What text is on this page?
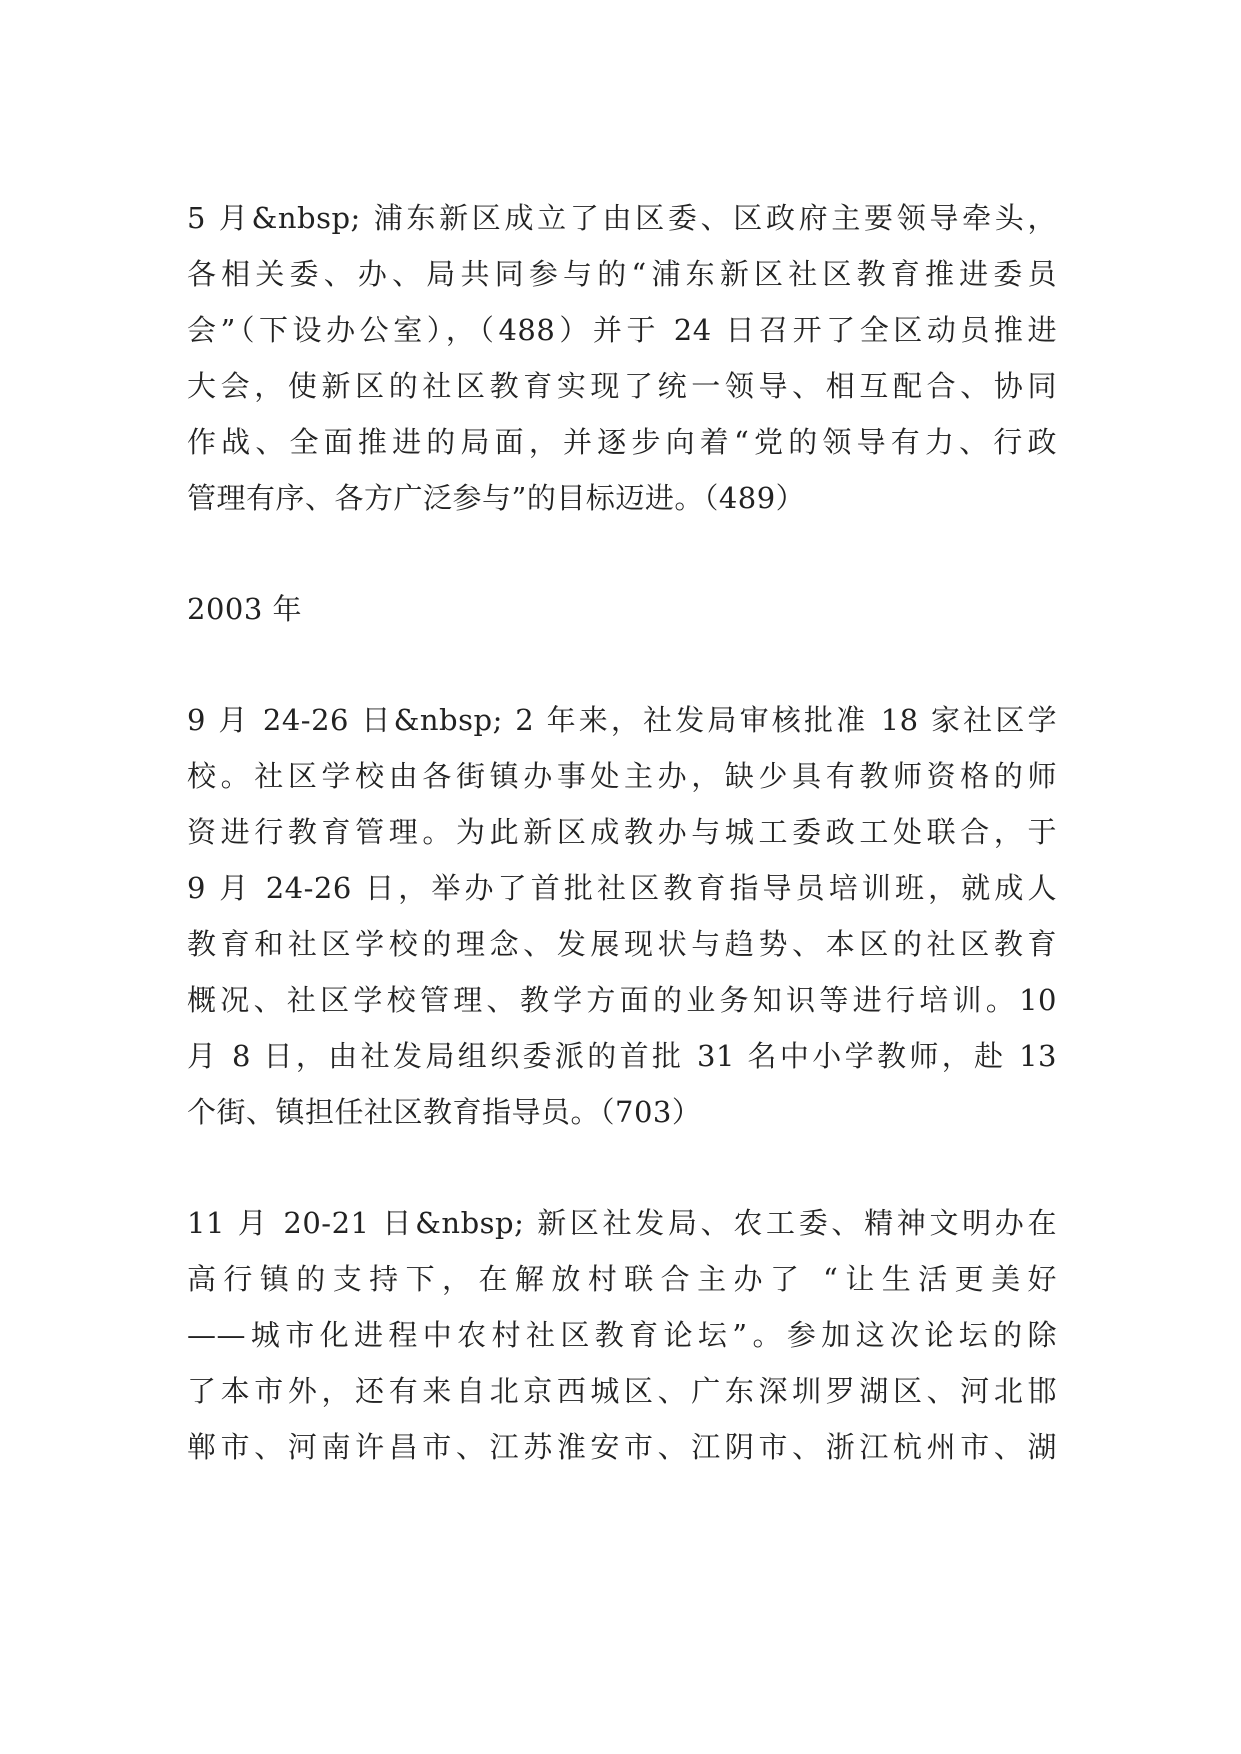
5 月&nbsp; 浦东新区成立了由区委、区政府主要领导牵头，
各相关委、办、局共同参与的“浦东新区社区教育推进委员
会”（下设办公室），（488）并于 24 日召开了全区动员推进
大会，使新区的社区教育实现了统一领导、相互配合、协同
作战、全面推进的局面，并逐步向着“党的领导有力、行政
管理有序、各方广泛参与”的目标迈进。（489）
2003 年
9 月 24-26 日&nbsp; 2 年来，社发局审核批准 18 家社区学
校。社区学校由各街镇办事处主办，缺少具有教师资格的师
资进行教育管理。为此新区成教办与城工委政工处联合，于
9 月 24-26 日，举办了首批社区教育指导员培训班，就成人
教育和社区学校的理念、发展现状与趋势、本区的社区教育
概况、社区学校管理、教学方面的业务知识等进行培训。10
月 8 日，由社发局组织委派的首批 31 名中小学教师，赴 13
个街、镇担任社区教育指导员。（703）
11 月 20-21 日&nbsp; 新区社发局、农工委、精神文明办在
高行镇的支持下，在解放村联合主办了 “让生活更美好
——城市化进程中农村社区教育论坛”。参加这次论坛的除
了本市外，还有来自北京西城区、广东深圳罗湖区、河北邯
郸市、河南许昌市、江苏淮安市、江阴市、浙江杭州市、湖
